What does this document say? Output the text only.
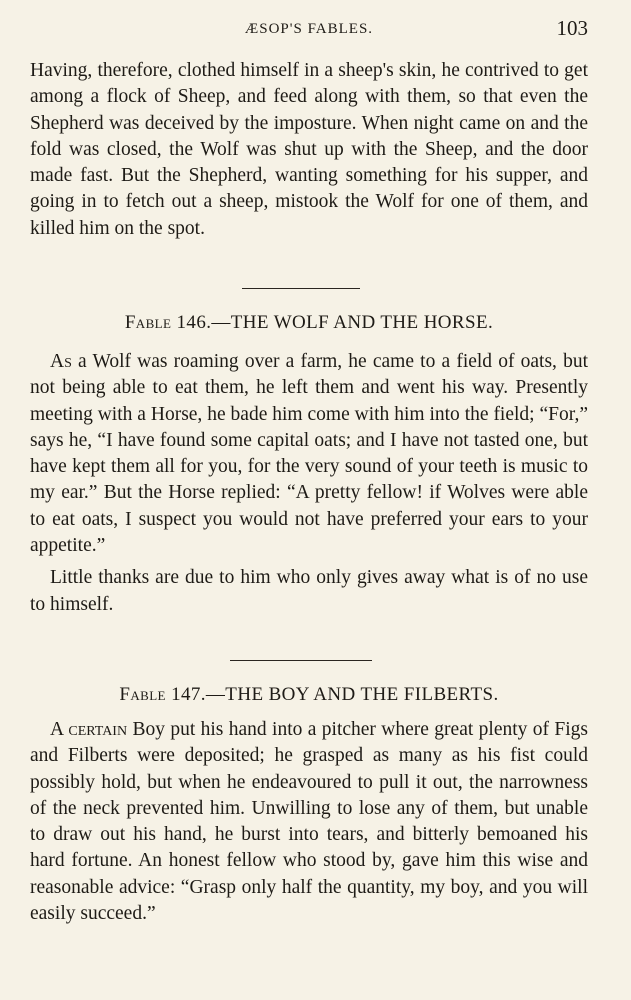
ÆSOP'S FABLES.	103

Having, therefore, clothed himself in a sheep's skin, he contrived to get among a flock of Sheep, and feed along with them, so that even the Shepherd was deceived by the imposture. When night came on and the fold was closed, the Wolf was shut up with the Sheep, and the door made fast. But the Shepherd, wanting something for his supper, and going in to fetch out a sheep, mistook the Wolf for one of them, and killed him on the spot.

Fable 146.—THE WOLF AND THE HORSE.

As a Wolf was roaming over a farm, he came to a field of oats, but not being able to eat them, he left them and went his way. Presently meeting with a Horse, he bade him come with him into the field; “For,” says he, “I have found some capital oats; and I have not tasted one, but have kept them all for you, for the very sound of your teeth is music to my ear.” But the Horse replied: “A pretty fellow! if Wolves were able to eat oats, I suspect you would not have preferred your ears to your appetite.”

Little thanks are due to him who only gives away what is of no use to himself.

Fable 147.—THE BOY AND THE FILBERTS.

A certain Boy put his hand into a pitcher where great plenty of Figs and Filberts were deposited; he grasped as many as his fist could possibly hold, but when he endeavoured to pull it out, the narrowness of the neck prevented him. Unwilling to lose any of them, but unable to draw out his hand, he burst into tears, and bitterly bemoaned his hard fortune. An honest fellow who stood by, gave him this wise and reasonable advice: “Grasp only half the quantity, my boy, and you will easily succeed.”
